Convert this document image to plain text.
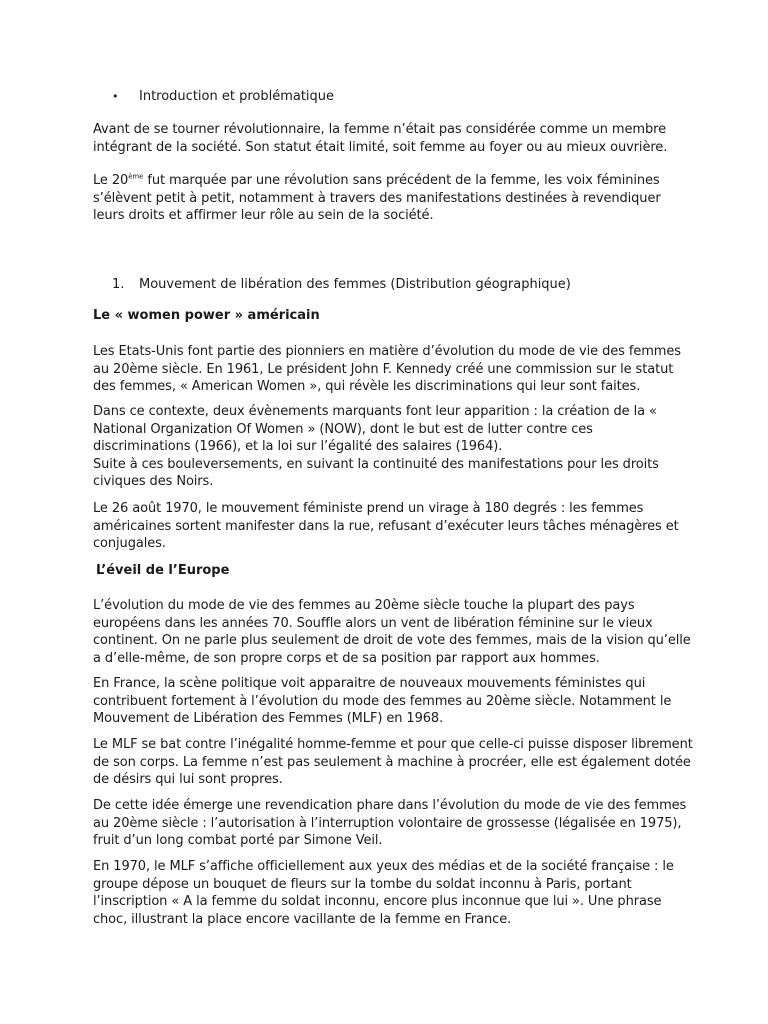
• Introduction et problématique

Avant de se tourner révolutionnaire, la femme n’était pas considérée comme un membre intégrant de la société. Son statut était limité, soit femme au foyer ou au mieux ouvrière.

Le 20ème fut marquée par une révolution sans précédent de la femme, les voix féminines s’élèvent petit à petit, notamment à travers des manifestations destinées à revendiquer leurs droits et affirmer leur rôle au sein de la société.

1. Mouvement de libération des femmes (Distribution géographique)
Le « women power » américain

Les Etats-Unis font partie des pionniers en matière d’évolution du mode de vie des femmes au 20ème siècle. En 1961, Le président John F. Kennedy créé une commission sur le statut des femmes, « American Women », qui révèle les discriminations qui leur sont faites.

Dans ce contexte, deux évènements marquants font leur apparition : la création de la « National Organization Of Women » (NOW), dont le but est de lutter contre ces discriminations (1966), et la loi sur l’égalité des salaires (1964).

Suite à ces bouleversements, en suivant la continuité des manifestations pour les droits civiques des Noirs.

Le 26 août 1970, le mouvement féministe prend un virage à 180 degrés : les femmes américaines sortent manifester dans la rue, refusant d’exécuter leurs tâches ménagères et conjugales.

L’éveil de l’Europe

L’évolution du mode de vie des femmes au 20ème siècle touche la plupart des pays européens dans les années 70. Souffle alors un vent de libération féminine sur le vieux continent. On ne parle plus seulement de droit de vote des femmes, mais de la vision qu’elle a d’elle-même, de son propre corps et de sa position par rapport aux hommes.

En France, la scène politique voit apparaitre de nouveaux mouvements féministes qui contribuent fortement à l’évolution du mode des femmes au 20ème siècle. Notamment le Mouvement de Libération des Femmes (MLF) en 1968.

Le MLF se bat contre l’inégalité homme-femme et pour que celle-ci puisse disposer librement de son corps. La femme n’est pas seulement à machine à procréer, elle est également dotée de désirs qui lui sont propres.

De cette idée émerge une revendication phare dans l’évolution du mode de vie des femmes au 20ème siècle : l’autorisation à l’interruption volontaire de grossesse (légalisée en 1975), fruit d’un long combat porté par Simone Veil.

En 1970, le MLF s’affiche officiellement aux yeux des médias et de la société française : le groupe dépose un bouquet de fleurs sur la tombe du soldat inconnu à Paris, portant l’inscription « A la femme du soldat inconnu, encore plus inconnue que lui ». Une phrase choc, illustrant la place encore vacillante de la femme en France.
